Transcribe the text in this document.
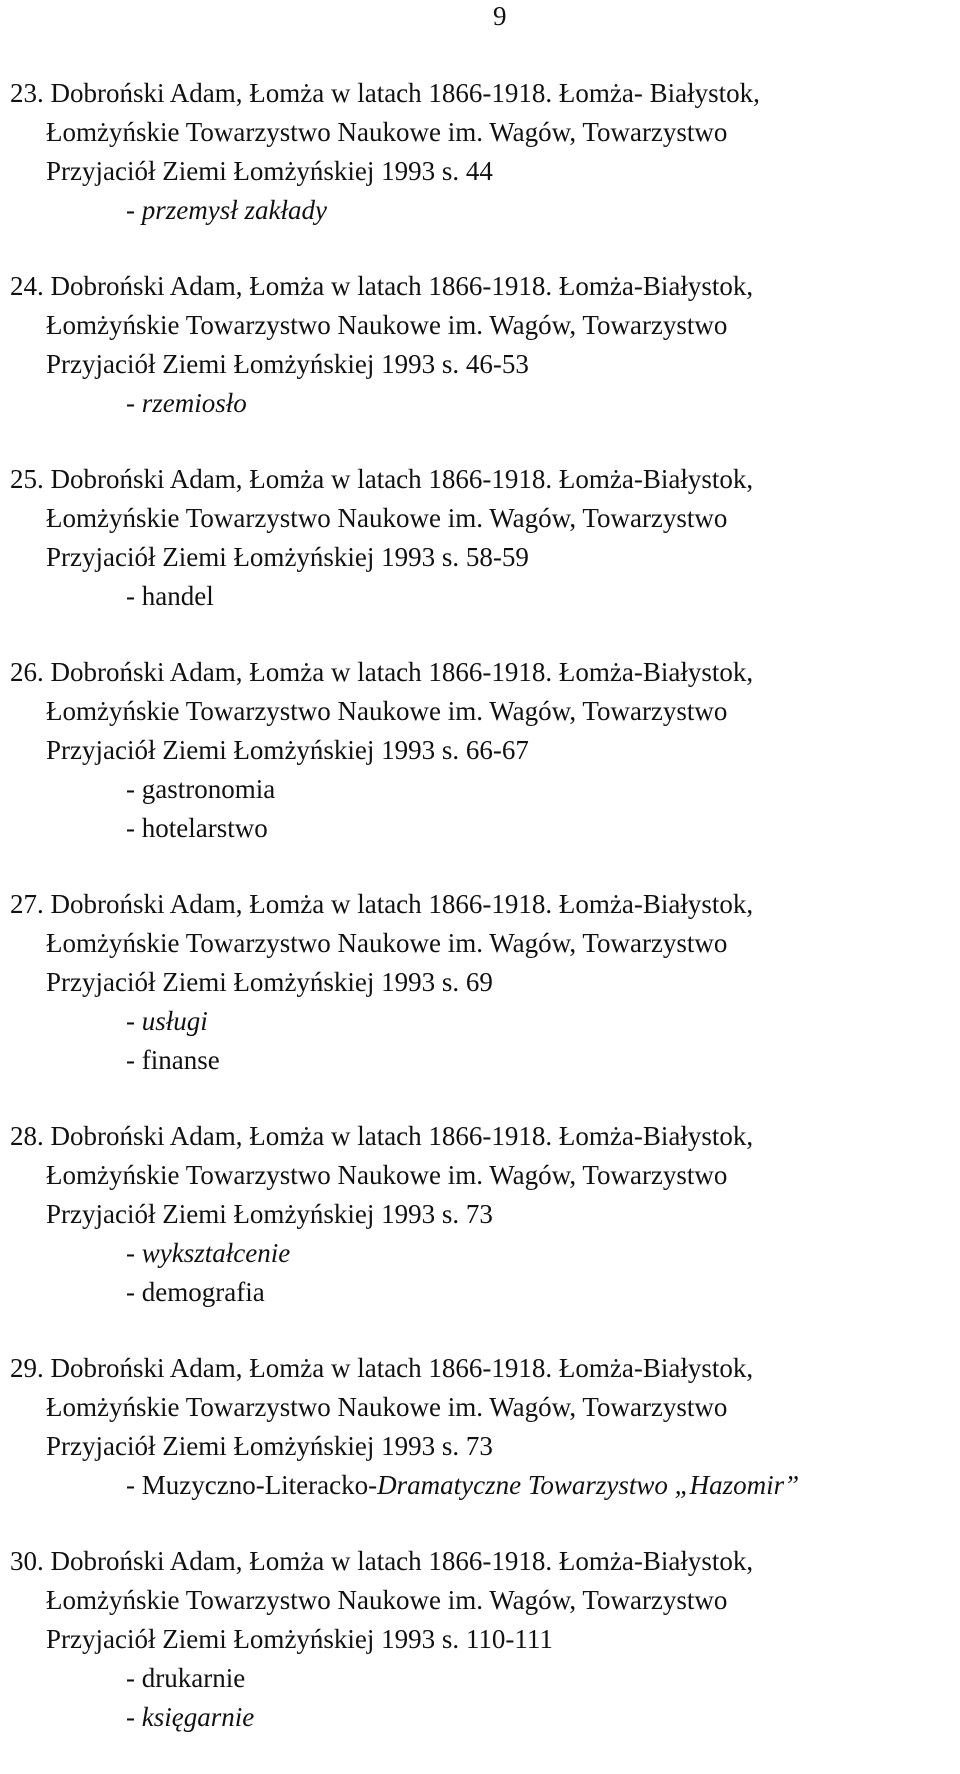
9
23. Dobroński Adam, Łomża w latach 1866-1918. Łomża- Białystok,
Łomżyńskie Towarzystwo Naukowe im. Wagów, Towarzystwo
Przyjaciół Ziemi Łomżyńskiej 1993 s. 44
- przemysł zakłady
24. Dobroński Adam, Łomża w latach 1866-1918. Łomża-Białystok,
Łomżyńskie Towarzystwo Naukowe im. Wagów, Towarzystwo
Przyjaciół Ziemi Łomżyńskiej 1993 s. 46-53
- rzemiosło
25. Dobroński Adam, Łomża w latach 1866-1918. Łomża-Białystok,
Łomżyńskie Towarzystwo Naukowe im. Wagów, Towarzystwo
Przyjaciół Ziemi Łomżyńskiej 1993 s. 58-59
- handel
26. Dobroński Adam, Łomża w latach 1866-1918. Łomża-Białystok,
Łomżyńskie Towarzystwo Naukowe im. Wagów, Towarzystwo
Przyjaciół Ziemi Łomżyńskiej 1993 s. 66-67
- gastronomia
- hotelarstwo
27. Dobroński Adam, Łomża w latach 1866-1918. Łomża-Białystok,
Łomżyńskie Towarzystwo Naukowe im. Wagów, Towarzystwo
Przyjaciół Ziemi Łomżyńskiej 1993 s. 69
- usługi
- finanse
28. Dobroński Adam, Łomża w latach 1866-1918. Łomża-Białystok,
Łomżyńskie Towarzystwo Naukowe im. Wagów, Towarzystwo
Przyjaciół Ziemi Łomżyńskiej 1993 s. 73
- wykształcenie
- demografia
29. Dobroński Adam, Łomża w latach 1866-1918. Łomża-Białystok,
Łomżyńskie Towarzystwo Naukowe im. Wagów, Towarzystwo
Przyjaciół Ziemi Łomżyńskiej 1993 s. 73
- Muzyczno-Literacko-Dramatyczne Towarzystwo „Hazomir”
30. Dobroński Adam, Łomża w latach 1866-1918. Łomża-Białystok,
Łomżyńskie Towarzystwo Naukowe im. Wagów, Towarzystwo
Przyjaciół Ziemi Łomżyńskiej 1993 s. 110-111
- drukarnie
- księgarnie
